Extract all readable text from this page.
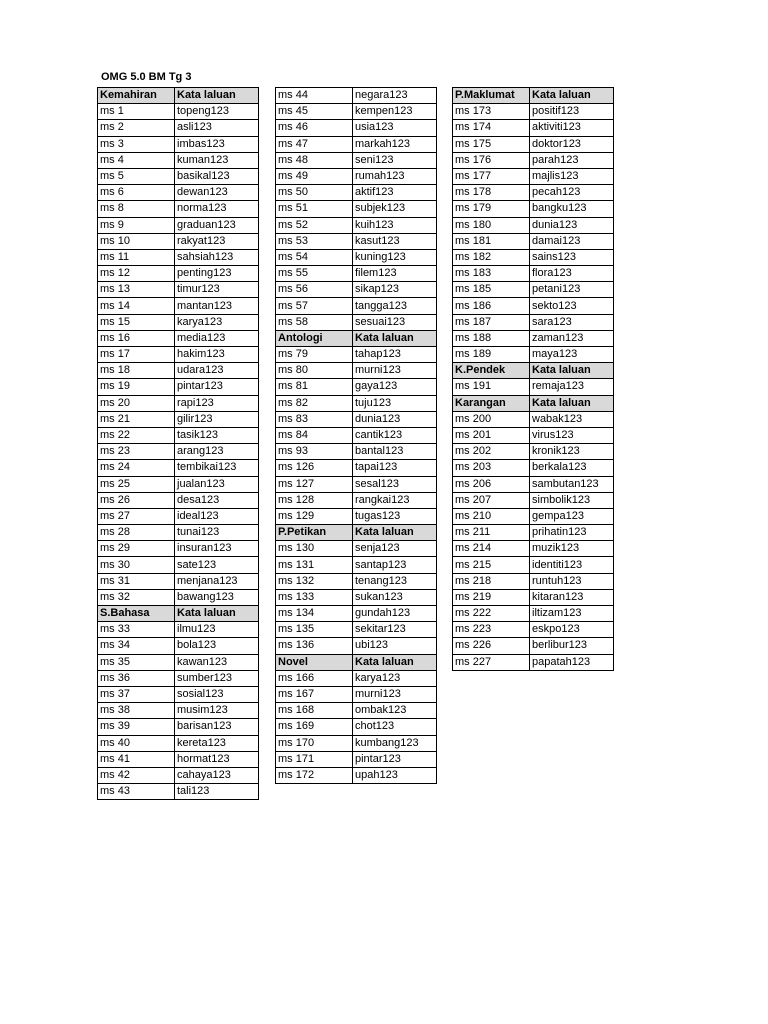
OMG 5.0 BM Tg 3
Kemahiran	Kata laluan
ms 1	topeng123
ms 2	asli123
ms 3	imbas123
ms 4	kuman123
ms 5	basikal123
ms 6	dewan123
ms 8	norma123
ms 9	graduan123
ms 10	rakyat123
ms 11	sahsiah123
ms 12	penting123
ms 13	timur123
ms 14	mantan123
ms 15	karya123
ms 16	media123
ms 17	hakim123
ms 18	udara123
ms 19	pintar123
ms 20	rapi123
ms 21	gilir123
ms 22	tasik123
ms 23	arang123
ms 24	tembikai123
ms 25	jualan123
ms 26	desa123
ms 27	ideal123
ms 28	tunai123
ms 29	insuran123
ms 30	sate123
ms 31	menjana123
ms 32	bawang123
S.Bahasa	Kata laluan
ms 33	ilmu123
ms 34	bola123
ms 35	kawan123
ms 36	sumber123
ms 37	sosial123
ms 38	musim123
ms 39	barisan123
ms 40	kereta123
ms 41	hormat123
ms 42	cahaya123
ms 43	tali123
ms 44	negara123
ms 45	kempen123
ms 46	usia123
ms 47	markah123
ms 48	seni123
ms 49	rumah123
ms 50	aktif123
ms 51	subjek123
ms 52	kuih123
ms 53	kasut123
ms 54	kuning123
ms 55	filem123
ms 56	sikap123
ms 57	tangga123
ms 58	sesuai123
Antologi	Kata laluan
ms 79	tahap123
ms 80	murni123
ms 81	gaya123
ms 82	tuju123
ms 83	dunia123
ms 84	cantik123
ms 93	bantal123
ms 126	tapai123
ms 127	sesal123
ms 128	rangkai123
ms 129	tugas123
P.Petikan	Kata laluan
ms 130	senja123
ms 131	santap123
ms 132	tenang123
ms 133	sukan123
ms 134	gundah123
ms 135	sekitar123
ms 136	ubi123
Novel	Kata laluan
ms 166	karya123
ms 167	murni123
ms 168	ombak123
ms 169	chot123
ms 170	kumbang123
ms 171	pintar123
ms 172	upah123
P.Maklumat	Kata laluan
ms 173	positif123
ms 174	aktiviti123
ms 175	doktor123
ms 176	parah123
ms 177	majlis123
ms 178	pecah123
ms 179	bangku123
ms 180	dunia123
ms 181	damai123
ms 182	sains123
ms 183	flora123
ms 185	petani123
ms 186	sekto123
ms 187	sara123
ms 188	zaman123
ms 189	maya123
K.Pendek	Kata laluan
ms 191	remaja123
Karangan	Kata laluan
ms 200	wabak123
ms 201	virus123
ms 202	kronik123
ms 203	berkala123
ms 206	sambutan123
ms 207	simbolik123
ms 210	gempa123
ms 211	prihatin123
ms 214	muzik123
ms 215	identiti123
ms 218	runtuh123
ms 219	kitaran123
ms 222	iltizam123
ms 223	eskpo123
ms 226	berlibur123
ms 227	papatah123
